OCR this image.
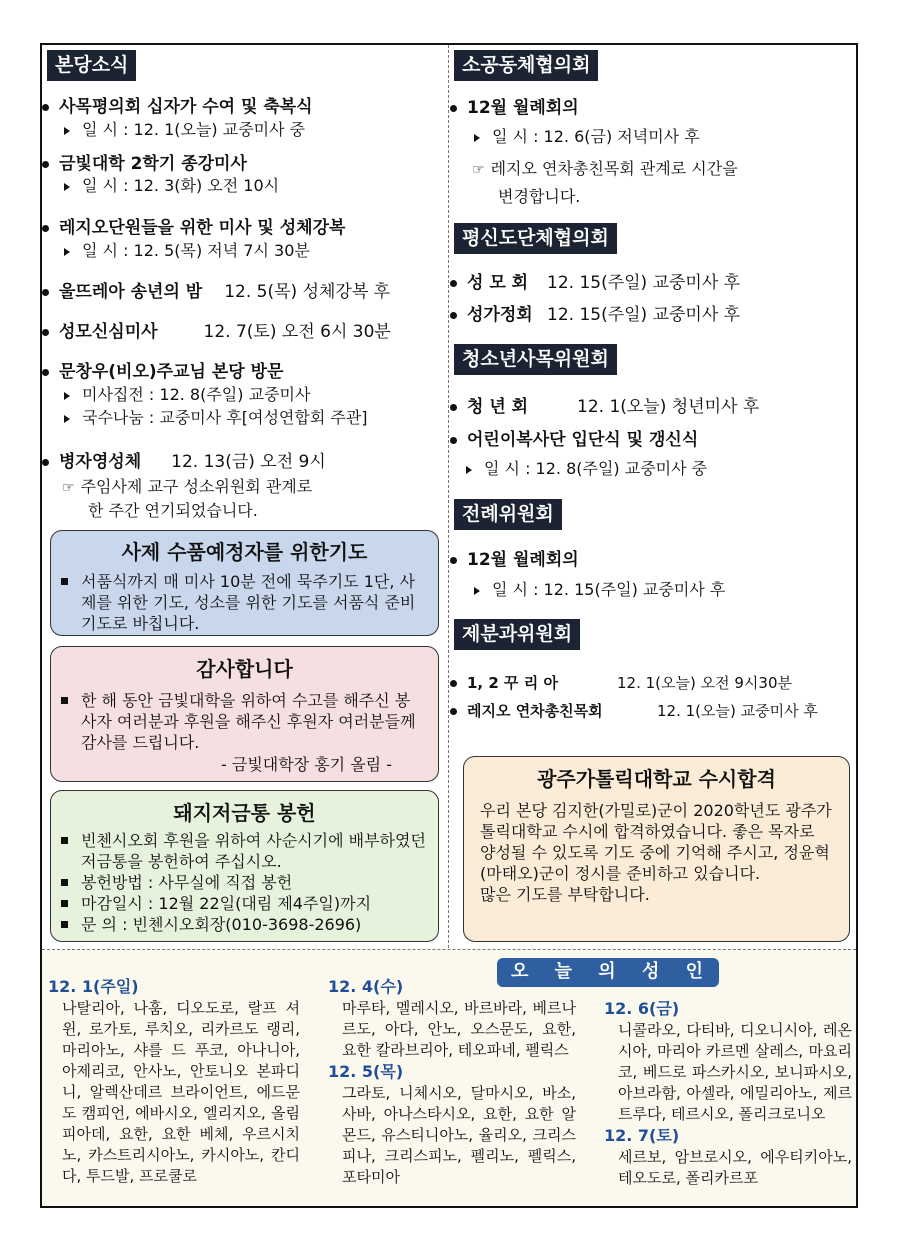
본당소식
사목평의회 십자가 수여 및 축복식
일 시 : 12. 1(오늘) 교중미사 중
금빛대학 2학기 종강미사
일 시 : 12. 3(화) 오전 10시
레지오단원들을 위한 미사 및 성체강복
일 시 : 12. 5(목) 저녁 7시 30분
울뜨레아 송년의 밤 12. 5(목) 성체강복 후
성모신심미사	12. 7(토) 오전 6시 30분
문창우(비오)주교님 본당 방문
미사집전 : 12. 8(주일) 교중미사
국수나눔 : 교중미사 후[여성연합회 주관]
병자영성체 12. 13(금) 오전 9시
☞ 주임사제 교구 성소위원회 관계로
한 주간 연기되었습니다.
사제 수품예정자를 위한기도
서품식까지 매 미사 10분 전에 묵주기도 1단, 사제를 위한 기도, 성소를 위한 기도를 서품식 준비기도로 바칩니다.
감사합니다
한 해 동안 금빛대학을 위하여 수고를 해주신 봉사자 여러분과 후원을 해주신 후원자 여러분들께 감사를 드립니다.
- 금빛대학장 홍기 올림 -
돼지저금통 봉헌
빈첸시오회 후원을 위하여 사순시기에 배부하였던 저금통을 봉헌하여 주십시오.
봉헌방법 : 사무실에 직접 봉헌
마감일시 : 12월 22일(대림 제4주일)까지
문 의 : 빈첸시오회장(010-3698-2696)
소공동체협의회
12월 월례회의
일 시 : 12. 6(금) 저녁미사 후
☞ 레지오 연차총친목회 관계로 시간을
변경합니다.
평신도단체협의회
성 모 회 12. 15(주일) 교중미사 후
성가정회 12. 15(주일) 교중미사 후
청소년사목위원회
청 년 회	12. 1(오늘) 청년미사 후
어린이복사단 입단식 및 갱신식
일 시 : 12. 8(주일) 교중미사 중
전례위원회
12월 월례회의
일 시 : 12. 15(주일) 교중미사 후
제분과위원회
1, 2 꾸 리 아	12. 1(오늘) 오전 9시30분
레지오 연차총친목회	12. 1(오늘) 교중미사 후
광주가톨릭대학교 수시합격
우리 본당 김지한(가밀로)군이 2020학년도 광주가톨릭대학교 수시에 합격하였습니다. 좋은 목자로 양성될 수 있도록 기도 중에 기억해 주시고, 정윤혁(마태오)군이 정시를 준비하고 있습니다.
많은 기도를 부탁합니다.
오 늘 의 성 인
12. 1(주일)
나탈리아, 나훔, 디오도로, 랄프 셔윈, 로가토, 루치오, 리카르도 랭리, 마리아노, 샤를 드 푸코, 아나니아, 아제리코, 안사노, 안토니오 본파디니, 알렉산데르 브라이언트, 에드문도 캠피언, 에바시오, 엘리지오, 올림피아데, 요한, 요한 베체, 우르시치노, 카스트리시아노, 카시아노, 칸디다, 투드발, 프로쿨로
12. 4(수)
마루타, 멜레시오, 바르바라, 베르나르도, 아다, 안노, 오스문도, 요한, 요한 칼라브리아, 테오파네, 펠릭스
12. 5(목)
그라토, 니체시오, 달마시오, 바소, 사바, 아나스타시오, 요한, 요한 알몬드, 유스티니아노, 율리오, 크리스피나, 크리스피노, 펠리노, 펠릭스, 포타미아
12. 6(금)
니콜라오, 다티바, 디오니시아, 레온시아, 마리아 카르멘 살레스, 마요리코, 베드로 파스카시오, 보니파시오, 아브라함, 아셀라, 에밀리아노, 제르트루다, 테르시오, 폴리크로니오
12. 7(토)
세르보, 암브로시오, 에우티키아노, 테오도로, 폴리카르포
